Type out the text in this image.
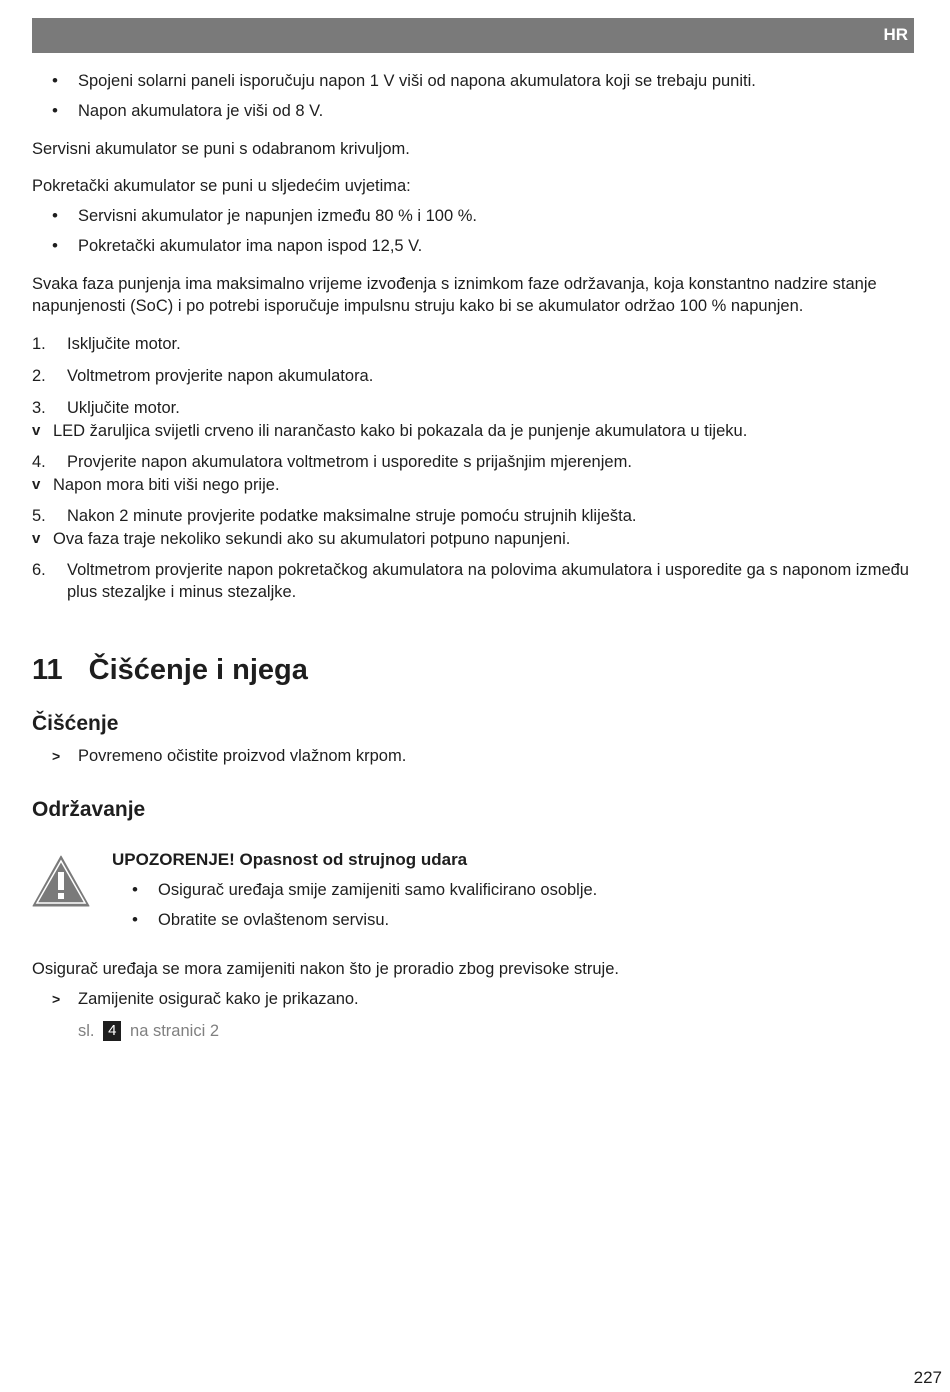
HR
• Spojeni solarni paneli isporučuju napon 1 V viši od napona akumulatora koji se trebaju puniti.
• Napon akumulatora je viši od 8 V.

Servisni akumulator se puni s odabranom krivuljom.

Pokretački akumulator se puni u sljedećim uvjetima:

• Servisni akumulator je napunjen između 80 % i 100 %.
• Pokretački akumulator ima napon ispod 12,5 V.

Svaka faza punjenja ima maksimalno vrijeme izvođenja s iznimkom faze održavanja, koja konstantno nadzire stanje napunjenosti (SoC) i po potrebi isporučuje impulsnu struju kako bi se akumulator održao 100 % napunjen.

1. Isključite motor.
2. Voltmetrom provjerite napon akumulatora.
3. Uključite motor.
v LED žaruljica svijetli crveno ili narančasto kako bi pokazala da je punjenje akumulatora u tijeku.
4. Provjerite napon akumulatora voltmetrom i usporedite s prijašnjim mjerenjem.
v Napon mora biti viši nego prije.
5. Nakon 2 minute provjerite podatke maksimalne struje pomoću strujnih kliješta.
v Ova faza traje nekoliko sekundi ako su akumulatori potpuno napunjeni.
6. Voltmetrom provjerite napon pokretačkog akumulatora na polovima akumulatora i usporedite ga s naponom između plus stezaljke i minus stezaljke.
11 Čišćenje i njega
Čišćenje
> Povremeno očistite proizvod vlažnom krpom.
Održavanje
UPOZORENJE! Opasnost od strujnog udara
• Osigurač uređaja smije zamijeniti samo kvalificirano osoblje.
• Obratite se ovlaštenom servisu.

Osigurač uređaja se mora zamijeniti nakon što je proradio zbog previsoke struje.

> Zamijenite osigurač kako je prikazano.
sl. 4 na stranici 2
227
